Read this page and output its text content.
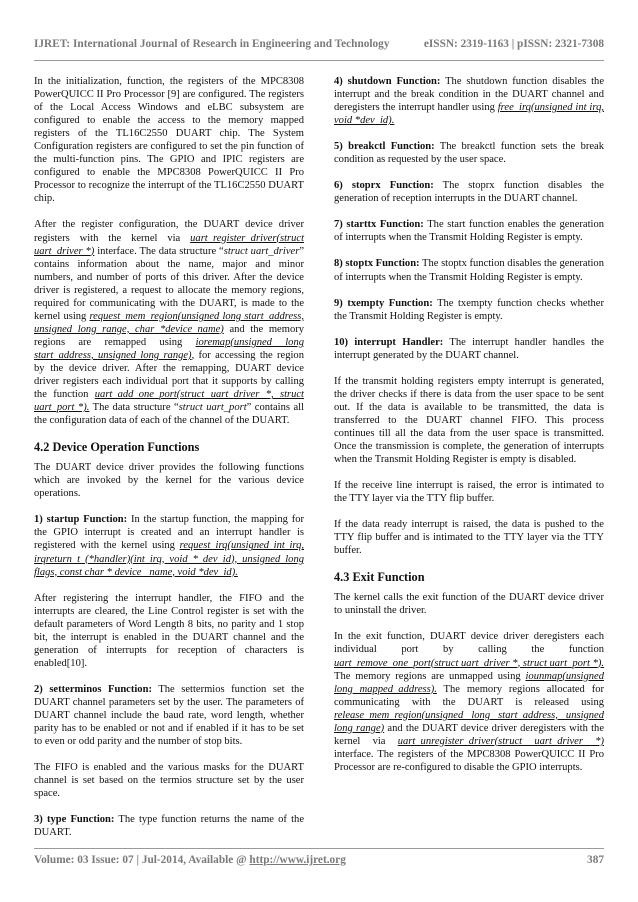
IJRET: International Journal of Research in Engineering and Technology	eISSN: 2319-1163 | pISSN: 2321-7308

In the initialization, function, the registers of the MPC8308 PowerQUICC II Pro Processor [9] are configured. The registers of the Local Access Windows and eLBC subsystem are configured to enable the access to the memory mapped registers of the TL16C2550 DUART chip. The System Configuration registers are configured to set the pin function of the multi-function pins. The GPIO and IPIC registers are configured to enable the MPC8308 PowerQUICC II Pro Processor to recognize the interrupt of the TL16C2550 DUART chip.

After the register configuration, the DUART device driver registers with the kernel via uart_register_driver(struct uart_driver *) interface. The data structure “struct uart_driver” contains information about the name, major and minor numbers, and number of ports of this driver. After the device driver is registered, a request to allocate the memory regions, required for communicating with the DUART, is made to the kernel using request_mem_region(unsigned long start_address, unsigned long range, char *device_name) and the memory regions are remapped using ioremap(unsigned long start_address, unsigned long range), for accessing the region by the device driver. After the remapping, DUART device driver registers each individual port that it supports by calling the function uart_add_one_port(struct uart_driver *, struct uart_port *). The data structure “struct uart_port” contains all the configuration data of each of the channel of the DUART.

4.2 Device Operation Functions

The DUART device driver provides the following functions which are invoked by the kernel for the various device operations.

1) startup Function: In the startup function, the mapping for the GPIO interrupt is created and an interrupt handler is registered with the kernel using request_irq(unsigned int irq, irqreturn_t (*handler)(int irq, void * dev_id), unsigned long flags, const char * device _name, void *dev_id).

After registering the interrupt handler, the FIFO and the interrupts are cleared, the Line Control register is set with the default parameters of Word Length 8 bits, no parity and 1 stop bit, the interrupt is enabled in the DUART channel and the generation of interrupts for reception of characters is enabled[10].

2) setterminos Function: The settermios function set the DUART channel parameters set by the user. The parameters of DUART channel include the baud rate, word length, whether parity has to be enabled or not and if enabled if it has to be set to even or odd parity and the number of stop bits.

The FIFO is enabled and the various masks for the DUART channel is set based on the termios structure set by the user space.

3) type Function: The type function returns the name of the DUART.

4) shutdown Function: The shutdown function disables the interrupt and the break condition in the DUART channel and deregisters the interrupt handler using free_irq(unsigned int irq, void *dev_id).

5) breakctl Function: The breakctl function sets the break condition as requested by the user space.

6) stoprx Function: The stoprx function disables the generation of reception interrupts in the DUART channel.

7) starttx Function: The start function enables the generation of interrupts when the Transmit Holding Register is empty.

8) stoptx Function: The stoptx function disables the generation of interrupts when the Transmit Holding Register is empty.

9) txempty Function: The txempty function checks whether the Transmit Holding Register is empty.

10) interrupt Handler: The interrupt handler handles the interrupt generated by the DUART channel.

If the transmit holding registers empty interrupt is generated, the driver checks if there is data from the user space to be sent out. If the data is available to be transmitted, the data is transferred to the DUART channel FIFO. This process continues till all the data from the user space is transmitted. Once the transmission is complete, the generation of interrupts when the Transmit Holding Register is empty is disabled.

If the receive line interrupt is raised, the error is intimated to the TTY layer via the TTY flip buffer.

If the data ready interrupt is raised, the data is pushed to the TTY flip buffer and is intimated to the TTY layer via the TTY buffer.

4.3 Exit Function

The kernel calls the exit function of the DUART device driver to uninstall the driver.

In the exit function, DUART device driver deregisters each individual port by calling the function uart_remove_one_port(struct uart_driver *, struct uart_port *). The memory regions are unmapped using iounmap(unsigned long mapped_address). The memory regions allocated for communicating with the DUART is released using release_mem_region(unsigned long start_address, unsigned long range) and the DUART device driver deregisters with the kernel via uart_unregister_driver(struct uart_driver *) interface. The registers of the MPC8308 PowerQUICC II Pro Processor are re-configured to disable the GPIO interrupts.

Volume: 03 Issue: 07 | Jul-2014, Available @ http://www.ijret.org	387
